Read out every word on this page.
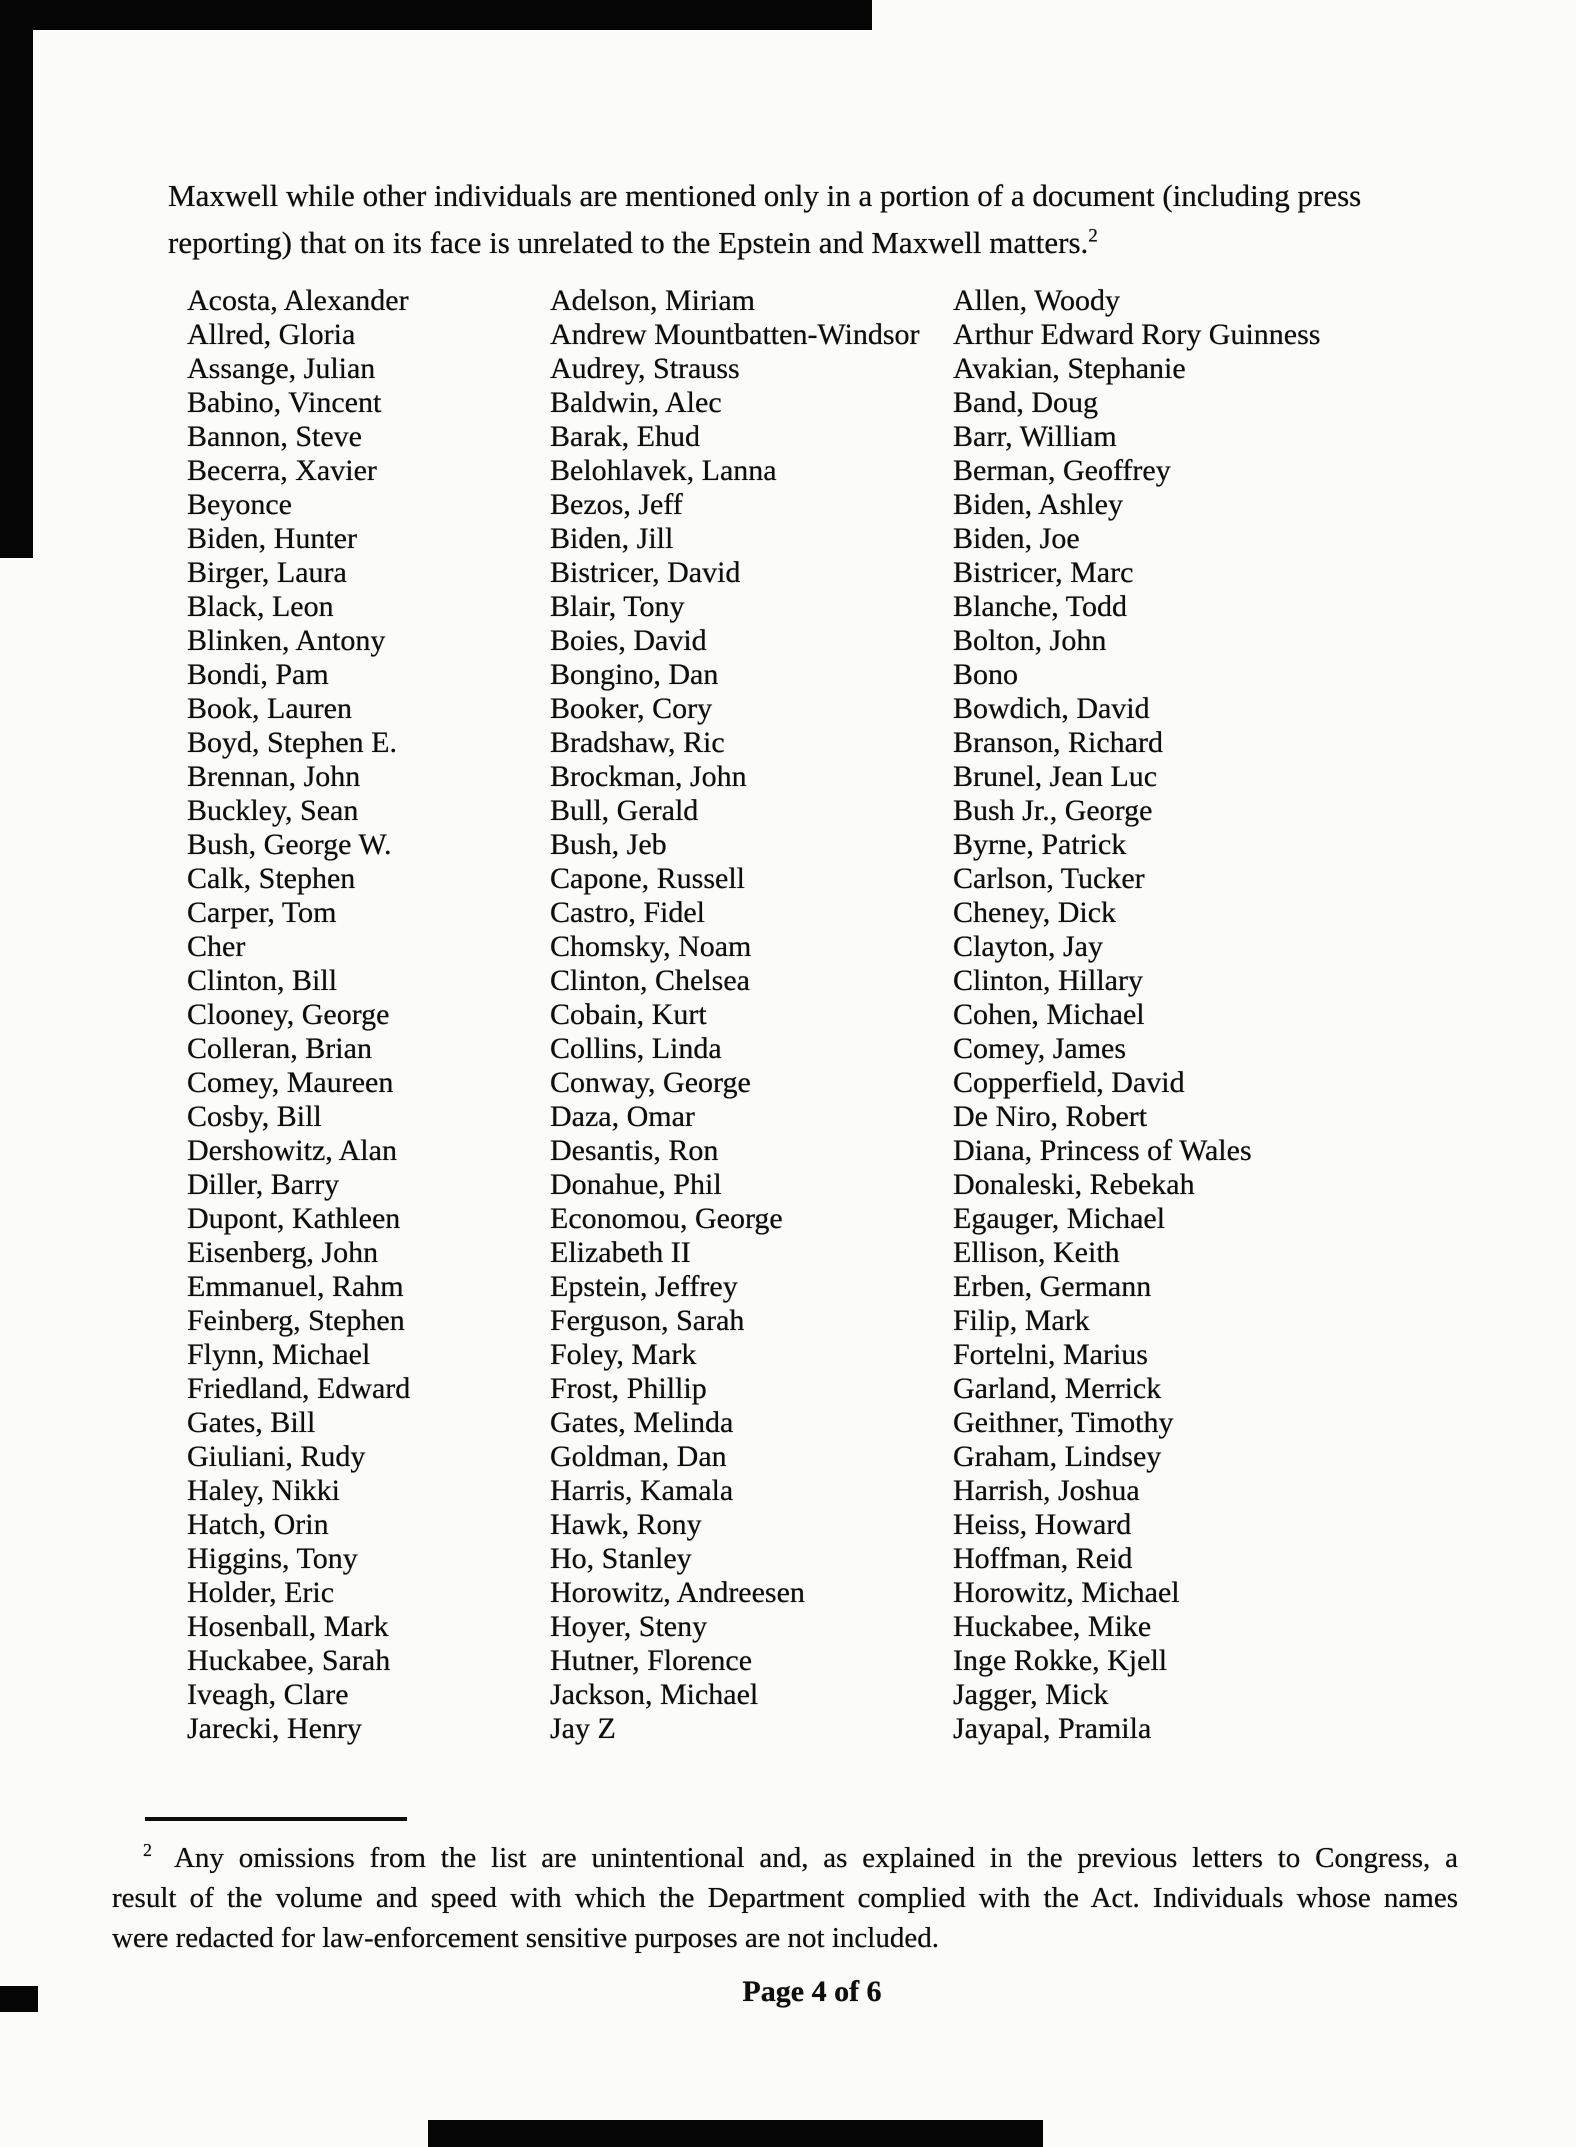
Maxwell while other individuals are mentioned only in a portion of a document (including press
reporting) that on its face is unrelated to the Epstein and Maxwell matters.$^2$
Acosta, Alexander
Allred, Gloria
Assange, Julian
Babino, Vincent
Bannon, Steve
Becerra, Xavier
Beyonce
Biden, Hunter
Birger, Laura
Black, Leon
Blinken, Antony
Bondi, Pam
Book, Lauren
Boyd, Stephen E.
Brennan, John
Buckley, Sean
Bush, George W.
Calk, Stephen
Carper, Tom
Cher
Clinton, Bill
Clooney, George
Colleran, Brian
Comey, Maureen
Cosby, Bill
Dershowitz, Alan
Diller, Barry
Dupont, Kathleen
Eisenberg, John
Emmanuel, Rahm
Feinberg, Stephen
Flynn, Michael
Friedland, Edward
Gates, Bill
Giuliani, Rudy
Haley, Nikki
Hatch, Orin
Higgins, Tony
Holder, Eric
Hosenball, Mark
Huckabee, Sarah
Iveagh, Clare
Jarecki, Henry
Adelson, Miriam
Andrew Mountbatten-Windsor
Audrey, Strauss
Baldwin, Alec
Barak, Ehud
Belohlavek, Lanna
Bezos, Jeff
Biden, Jill
Bistricer, David
Blair, Tony
Boies, David
Bongino, Dan
Booker, Cory
Bradshaw, Ric
Brockman, John
Bull, Gerald
Bush, Jeb
Capone, Russell
Castro, Fidel
Chomsky, Noam
Clinton, Chelsea
Cobain, Kurt
Collins, Linda
Conway, George
Daza, Omar
Desantis, Ron
Donahue, Phil
Economou, George
Elizabeth II
Epstein, Jeffrey
Ferguson, Sarah
Foley, Mark
Frost, Phillip
Gates, Melinda
Goldman, Dan
Harris, Kamala
Hawk, Rony
Ho, Stanley
Horowitz, Andreesen
Hoyer, Steny
Hutner, Florence
Jackson, Michael
Jay Z
Allen, Woody
Arthur Edward Rory Guinness
Avakian, Stephanie
Band, Doug
Barr, William
Berman, Geoffrey
Biden, Ashley
Biden, Joe
Bistricer, Marc
Blanche, Todd
Bolton, John
Bono
Bowdich, David
Branson, Richard
Brunel, Jean Luc
Bush Jr., George
Byrne, Patrick
Carlson, Tucker
Cheney, Dick
Clayton, Jay
Clinton, Hillary
Cohen, Michael
Comey, James
Copperfield, David
De Niro, Robert
Diana, Princess of Wales
Donaleski, Rebekah
Egauger, Michael
Ellison, Keith
Erben, Germann
Filip, Mark
Fortelni, Marius
Garland, Merrick
Geithner, Timothy
Graham, Lindsey
Harrish, Joshua
Heiss, Howard
Hoffman, Reid
Horowitz, Michael
Huckabee, Mike
Inge Rokke, Kjell
Jagger, Mick
Jayapal, Pramila
$^2$ Any omissions from the list are unintentional and, as explained in the previous letters to Congress, a
result of the volume and speed with which the Department complied with the Act. Individuals whose names
were redacted for law-enforcement sensitive purposes are not included.
Page 4 of 6
